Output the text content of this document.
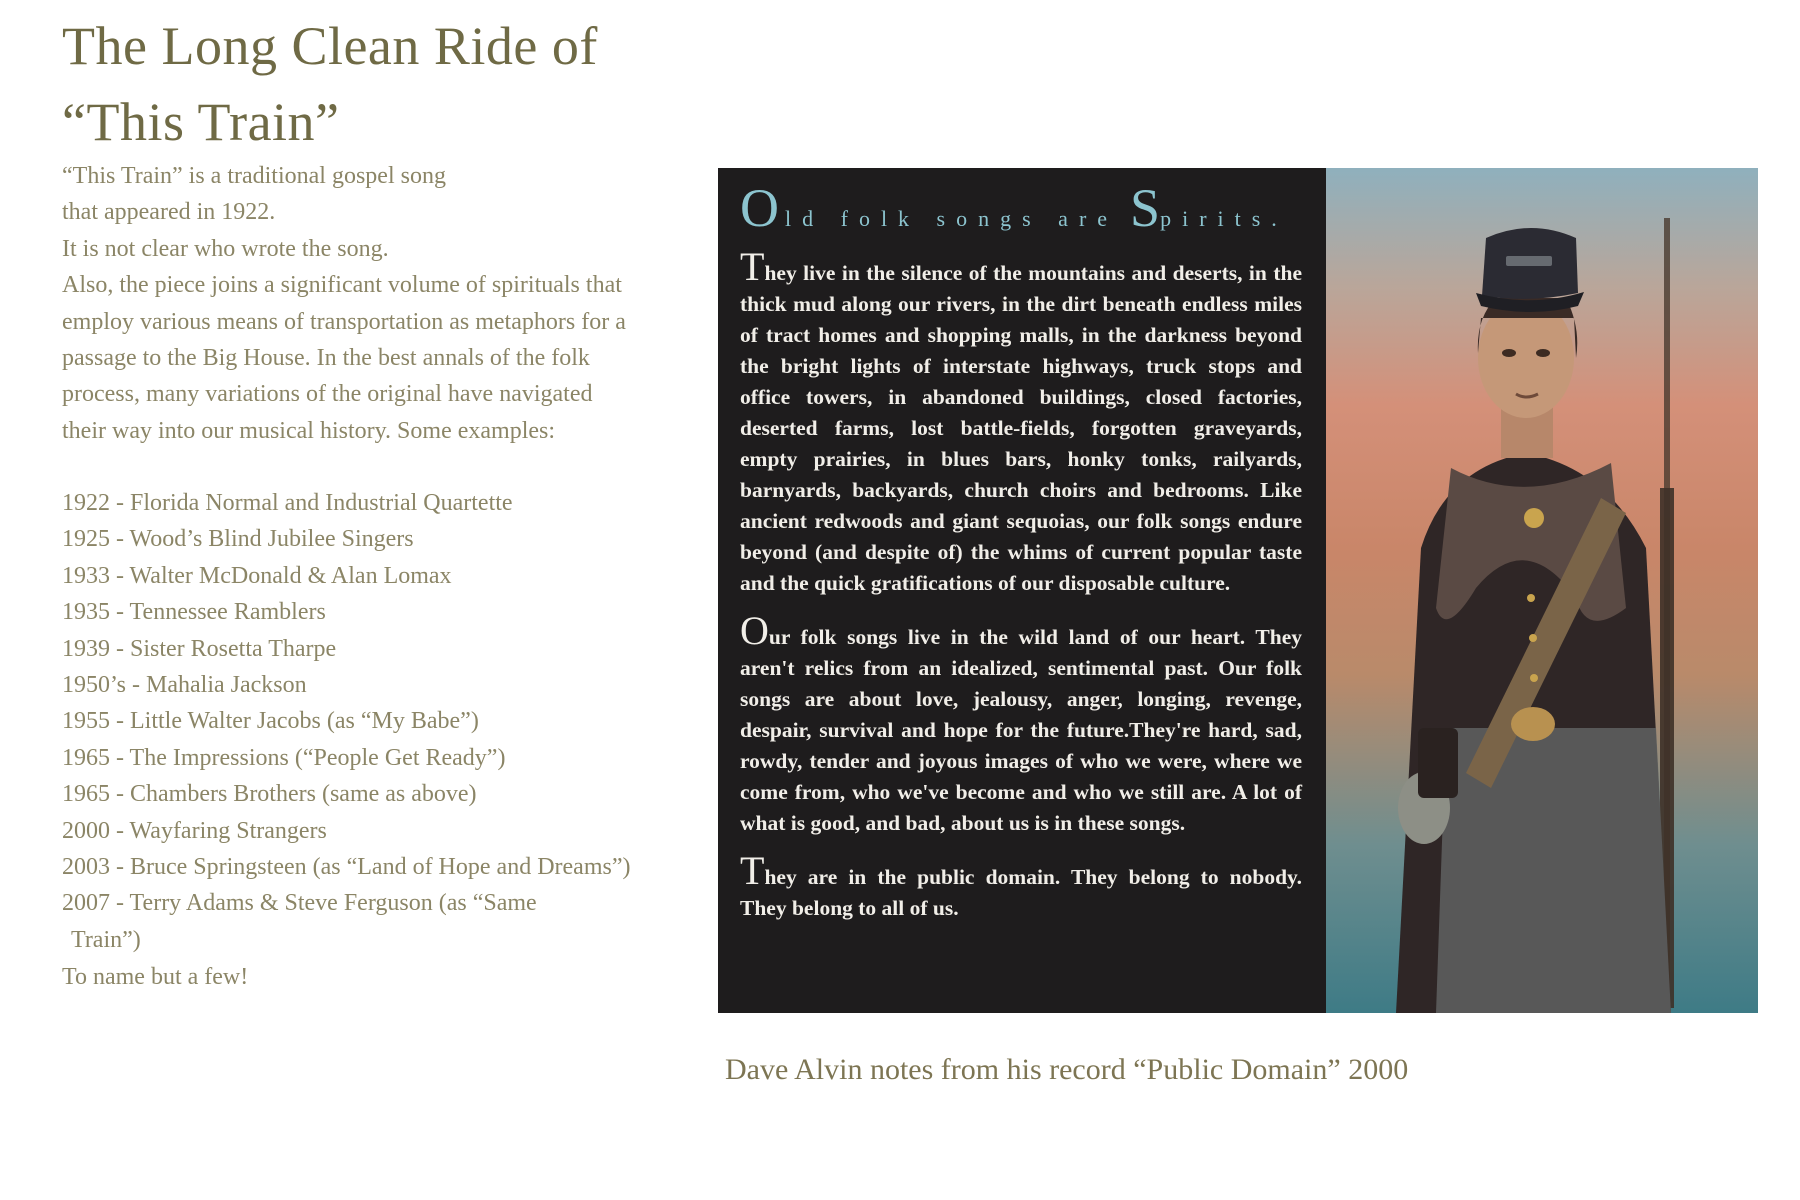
The Long Clean Ride of
“This Train”

“This Train” is a traditional gospel song
that appeared in 1922.
It is not clear who wrote the song.
Also, the piece joins a significant volume of spirituals that
employ various means of transportation as metaphors for a
passage to the Big House. In the best annals of the folk
process, many variations of the original have navigated
their way into our musical history. Some examples:

1922 - Florida Normal and Industrial Quartette
1925 - Wood’s Blind Jubilee Singers
1933 - Walter McDonald & Alan Lomax
1935 - Tennessee Ramblers
1939 - Sister Rosetta Tharpe
1950’s - Mahalia Jackson
1955 - Little Walter Jacobs (as “My Babe”)
1965 - The Impressions (“People Get Ready”)
1965 - Chambers Brothers (same as above)
2000 - Wayfaring Strangers
2003 - Bruce Springsteen (as “Land of Hope and Dreams”)
2007 - Terry Adams & Steve Ferguson (as “Same
Train”)

To name but a few!

Old folk songs are Spirits.

They live in the silence of the mountains and deserts, in the thick mud along our rivers, in the dirt beneath endless miles of tract homes and shopping malls, in the darkness beyond the bright lights of interstate highways, truck stops and office towers, in abandoned buildings, closed factories, deserted farms, lost battle-fields, forgotten graveyards, empty prairies, in blues bars, honky tonks, railyards, barnyards, backyards, church choirs and bedrooms. Like ancient redwoods and giant sequoias, our folk songs endure beyond (and despite of) the whims of current popular taste and the quick gratifications of our disposable culture.

Our folk songs live in the wild land of our heart. They aren't relics from an idealized, sentimental past. Our folk songs are about love, jealousy, anger, longing, revenge, despair, survival and hope for the future.They're hard, sad, rowdy, tender and joyous images of who we were, where we come from, who we've become and who we still are. A lot of what is good, and bad, about us is in these songs.

They are in the public domain. They belong to nobody. They belong to all of us.

Dave Alvin notes from his record “Public Domain” 2000
